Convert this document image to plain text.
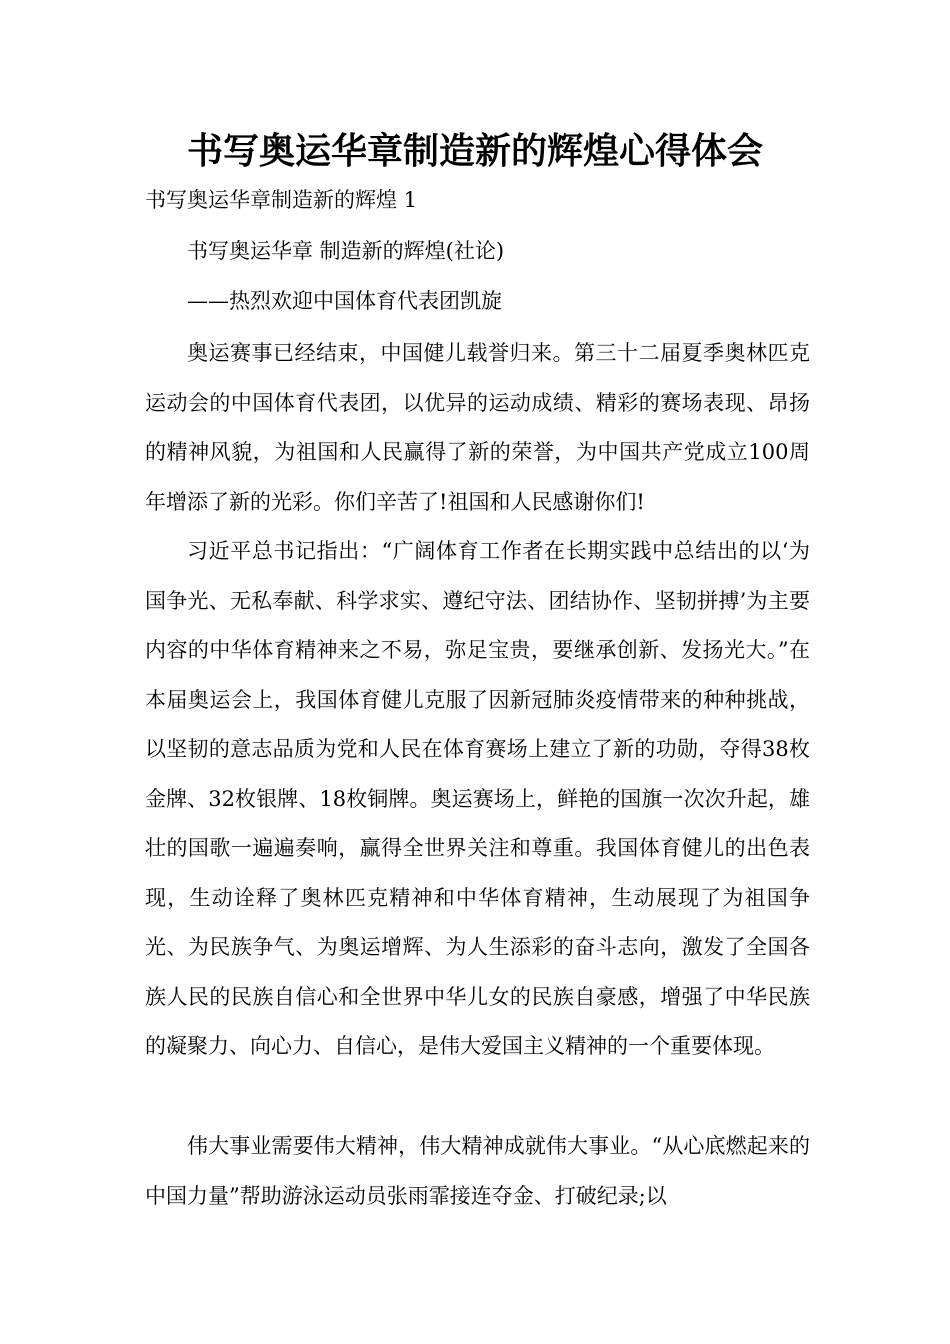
书写奥运华章制造新的辉煌心得体会
书写奥运华章制造新的辉煌 1
书写奥运华章 制造新的辉煌(社论)
——热烈欢迎中国体育代表团凯旋

奥运赛事已经结束，中国健儿载誉归来。第三十二届夏季奥林匹克运动会的中国体育代表团，以优异的运动成绩、精彩的赛场表现、昂扬的精神风貌，为祖国和人民赢得了新的荣誉，为中国共产党成立100周年增添了新的光彩。你们辛苦了!祖国和人民感谢你们!

习近平总书记指出：“广阔体育工作者在长期实践中总结出的以‘为国争光、无私奉献、科学求实、遵纪守法、团结协作、坚韧拼搏’为主要内容的中华体育精神来之不易，弥足宝贵，要继承创新、发扬光大。”在本届奥运会上，我国体育健儿克服了因新冠肺炎疫情带来的种种挑战，以坚韧的意志品质为党和人民在体育赛场上建立了新的功勋，夺得38枚金牌、32枚银牌、18枚铜牌。奥运赛场上，鲜艳的国旗一次次升起，雄壮的国歌一遍遍奏响，赢得全世界关注和尊重。我国体育健儿的出色表现，生动诠释了奥林匹克精神和中华体育精神，生动展现了为祖国争光、为民族争气、为奥运增辉、为人生添彩的奋斗志向，激发了全国各族人民的民族自信心和全世界中华儿女的民族自豪感，增强了中华民族的凝聚力、向心力、自信心，是伟大爱国主义精神的一个重要体现。

伟大事业需要伟大精神，伟大精神成就伟大事业。“从心底燃起来的中国力量”帮助游泳运动员张雨霏接连夺金、打破纪录;以
